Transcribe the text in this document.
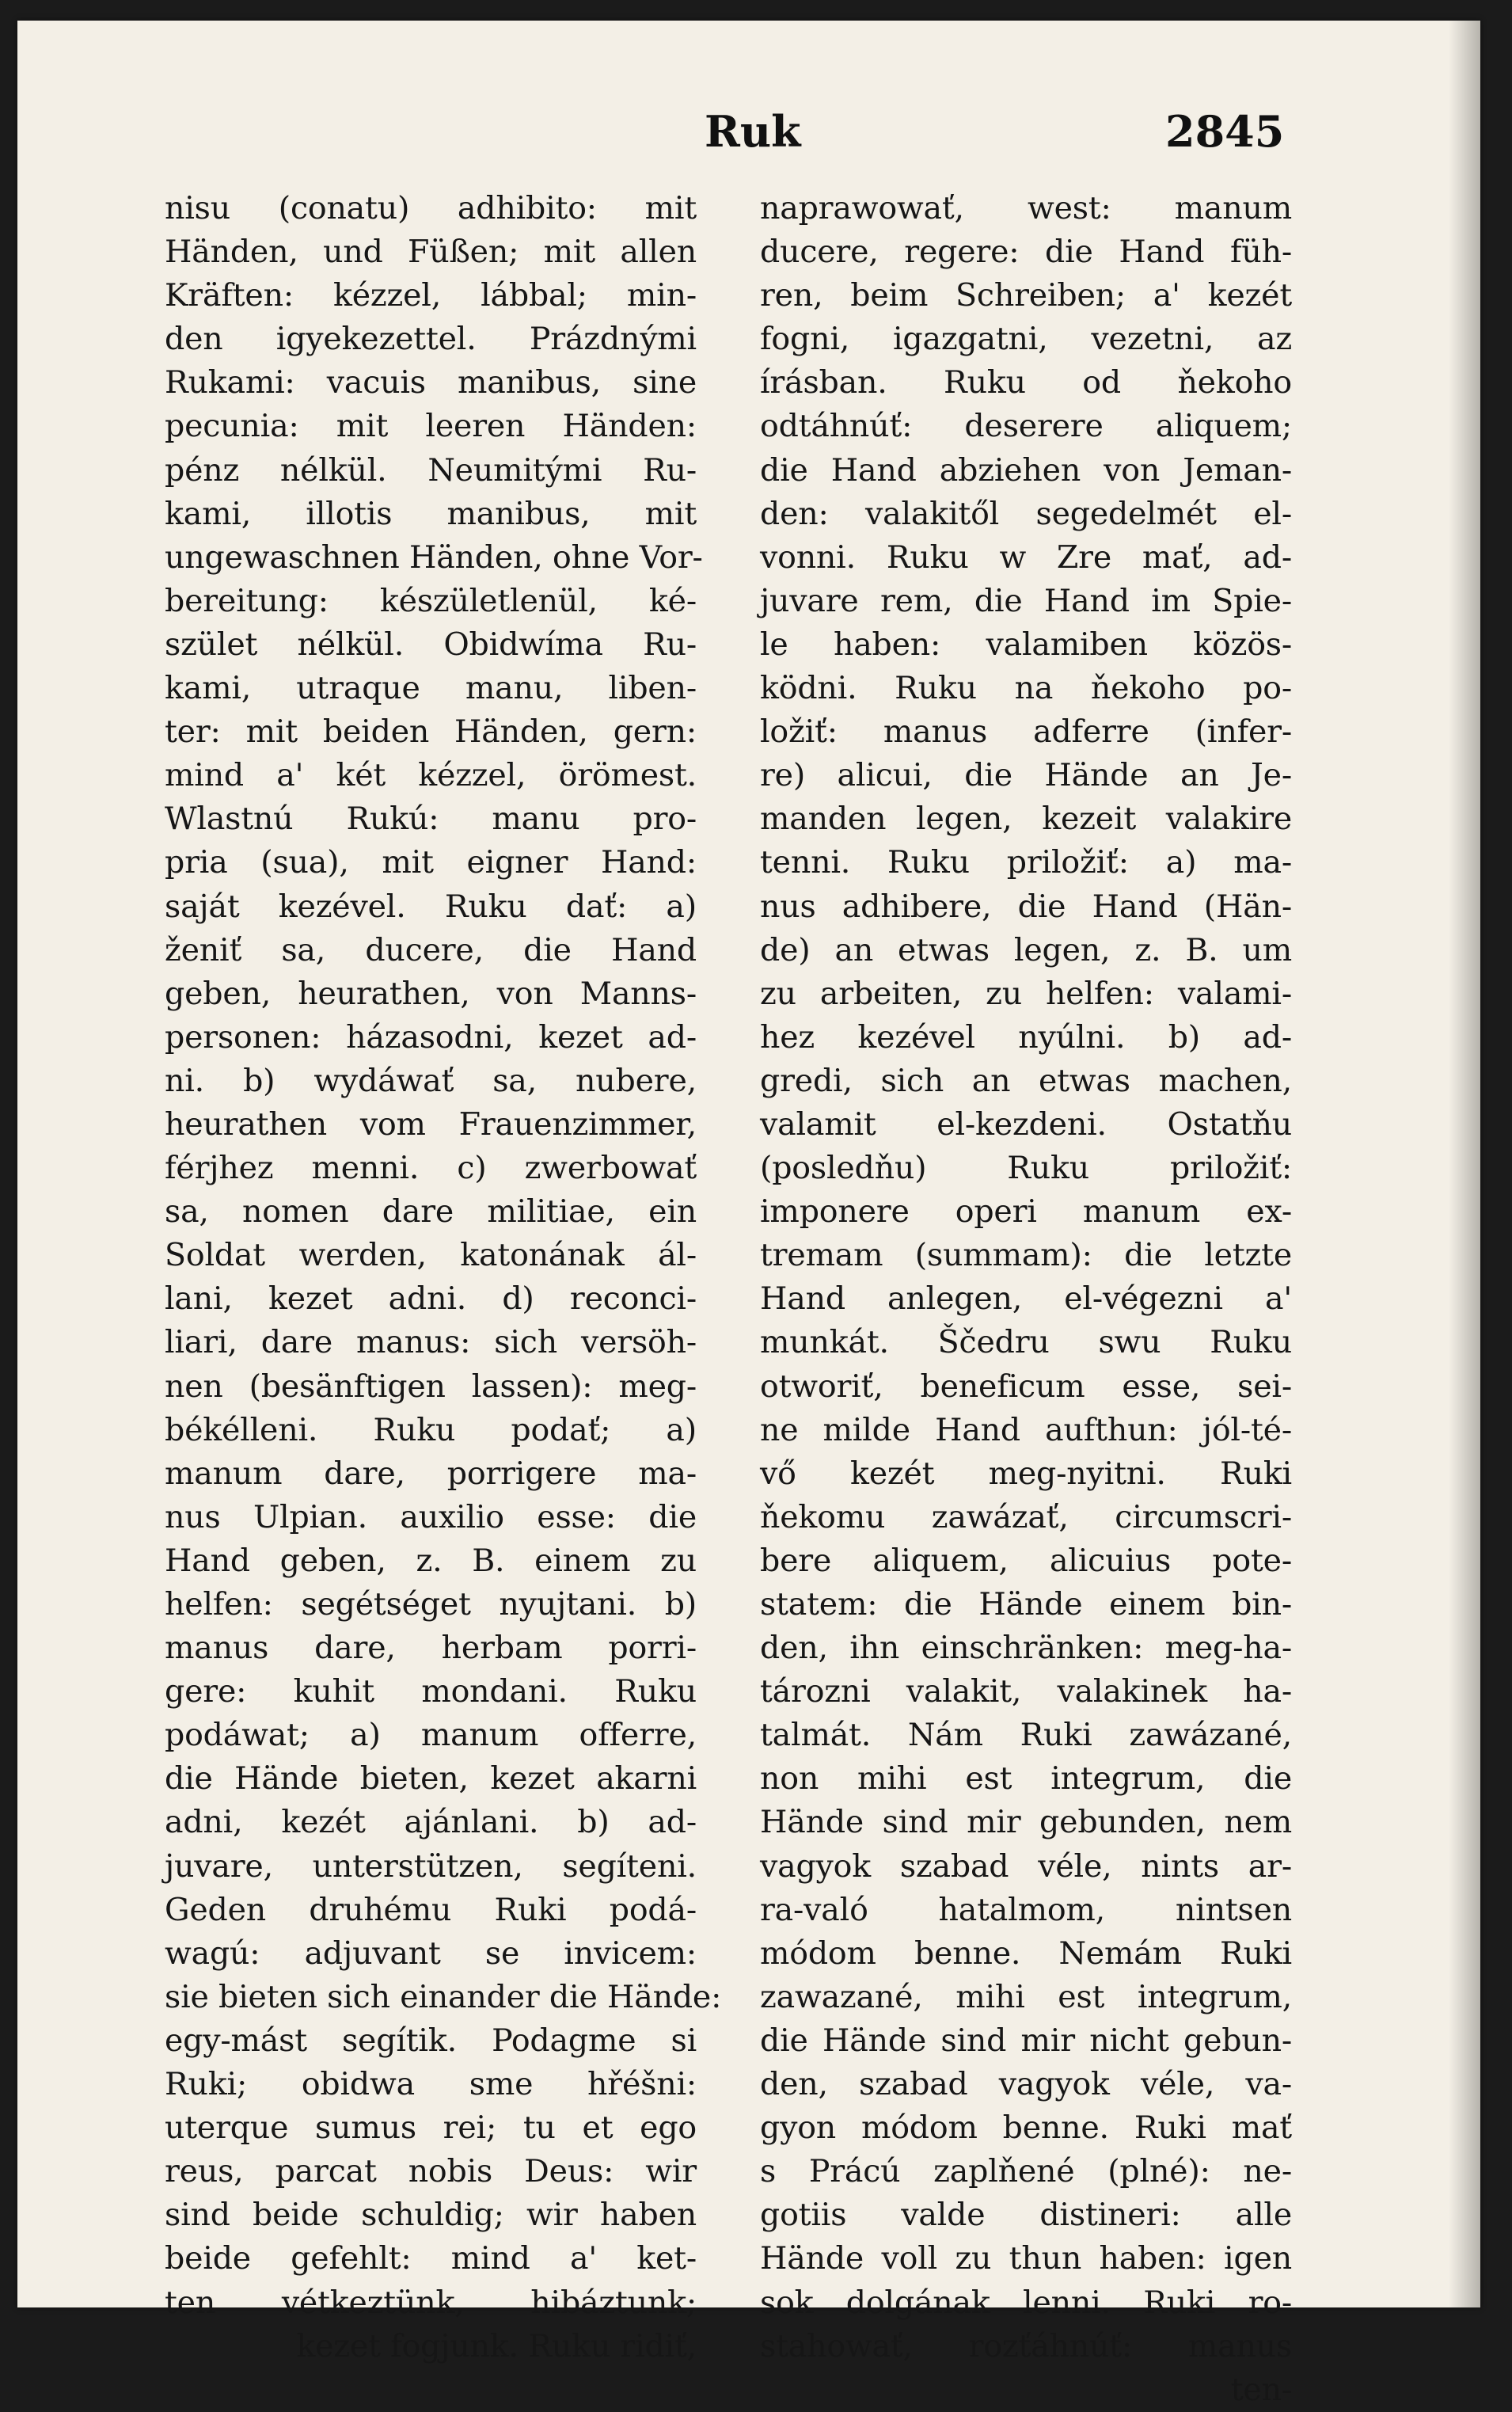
Ruk	2845
nisu (conatu) adhibito: mit
Händen, und Füßen; mit allen
Kräften: kézzel, lábbal; min-
den igyekezettel. Prázdnými
Rukami: vacuis manibus, sine
pecunia: mit leeren Händen:
pénz nélkül. Neumitými Ru-
kami, illotis manibus, mit
ungewaschnen Händen, ohne Vor-
bereitung: készületlenül, ké-
szület nélkül. Obidwíma Ru-
kami, utraque manu, liben-
ter: mit beiden Händen, gern:
mind a' két kézzel, örömest.
Wlastnú Rukú: manu pro-
pria (sua), mit eigner Hand:
saját kezével. Ruku dať: a)
ženiť sa, ducere, die Hand
geben, heurathen, von Manns-
personen: házasodni, kezet ad-
ni. b) wydáwať sa, nubere,
heurathen vom Frauenzimmer,
férjhez menni. c) zwerbowať
sa, nomen dare militiae, ein
Soldat werden, katonának ál-
lani, kezet adni. d) reconci-
liari, dare manus: sich versöh-
nen (besänftigen lassen): meg-
békélleni. Ruku podať; a)
manum dare, porrigere ma-
nus Ulpian. auxilio esse: die
Hand geben, z. B. einem zu
helfen: segétséget nyujtani. b)
manus dare, herbam porri-
gere: kuhit mondani. Ruku
podáwat; a) manum offerre,
die Hände bieten, kezet akarni
adni, kezét ajánlani. b) ad-
juvare, unterstützen, segíteni.
Geden druhému Ruki podá-
wagú: adjuvant se invicem:
sie bieten sich einander die Hände:
egy-mást segítik. Podagme si
Ruki; obidwa sme hřéšni:
uterque sumus rei; tu et ego
reus, parcat nobis Deus: wir
sind beide schuldig; wir haben
beide gefehlt: mind a' ket-
ten vétkeztünk, hibáztunk;
kezet fogjunk. Ruku ridiť,
naprawowať, west: manum
ducere, regere: die Hand füh-
ren, beim Schreiben; a' kezét
fogni, igazgatni, vezetni, az
írásban. Ruku od ňekoho
odtáhnúť: deserere aliquem;
die Hand abziehen von Jeman-
den: valakitől segedelmét el-
vonni. Ruku w Zre mať, ad-
juvare rem, die Hand im Spie-
le haben: valamiben közös-
ködni. Ruku na ňekoho po-
ložiť: manus adferre (infer-
re) alicui, die Hände an Je-
manden legen, kezeit valakire
tenni. Ruku priložiť: a) ma-
nus adhibere, die Hand (Hän-
de) an etwas legen, z. B. um
zu arbeiten, zu helfen: valami-
hez kezével nyúlni. b) ad-
gredi, sich an etwas machen,
valamit el-kezdeni. Ostatňu
(posledňu) Ruku priložiť:
imponere operi manum ex-
tremam (summam): die letzte
Hand anlegen, el-végezni a'
munkát. Ščedru swu Ruku
otworiť, beneficum esse, sei-
ne milde Hand aufthun: jól-té-
vő kezét meg-nyitni. Ruki
ňekomu zawázať, circumscri-
bere aliquem, alicuius pote-
statem: die Hände einem bin-
den, ihn einschränken: meg-ha-
tározni valakit, valakinek ha-
talmát. Nám Ruki zawázané,
non mihi est integrum, die
Hände sind mir gebunden, nem
vagyok szabad véle, nints ar-
ra-való hatalmom, nintsen
módom benne. Nemám Ruki
zawazané, mihi est integrum,
die Hände sind mir nicht gebun-
den, szabad vagyok véle, va-
gyon módom benne. Ruki mať
s Prácú zaplňené (plné): ne-
gotiis valde distineri: alle
Hände voll zu thun haben: igen
sok dolgának lenni. Ruki ro-
stahowať, rozťáhnúť: manus
ten-
